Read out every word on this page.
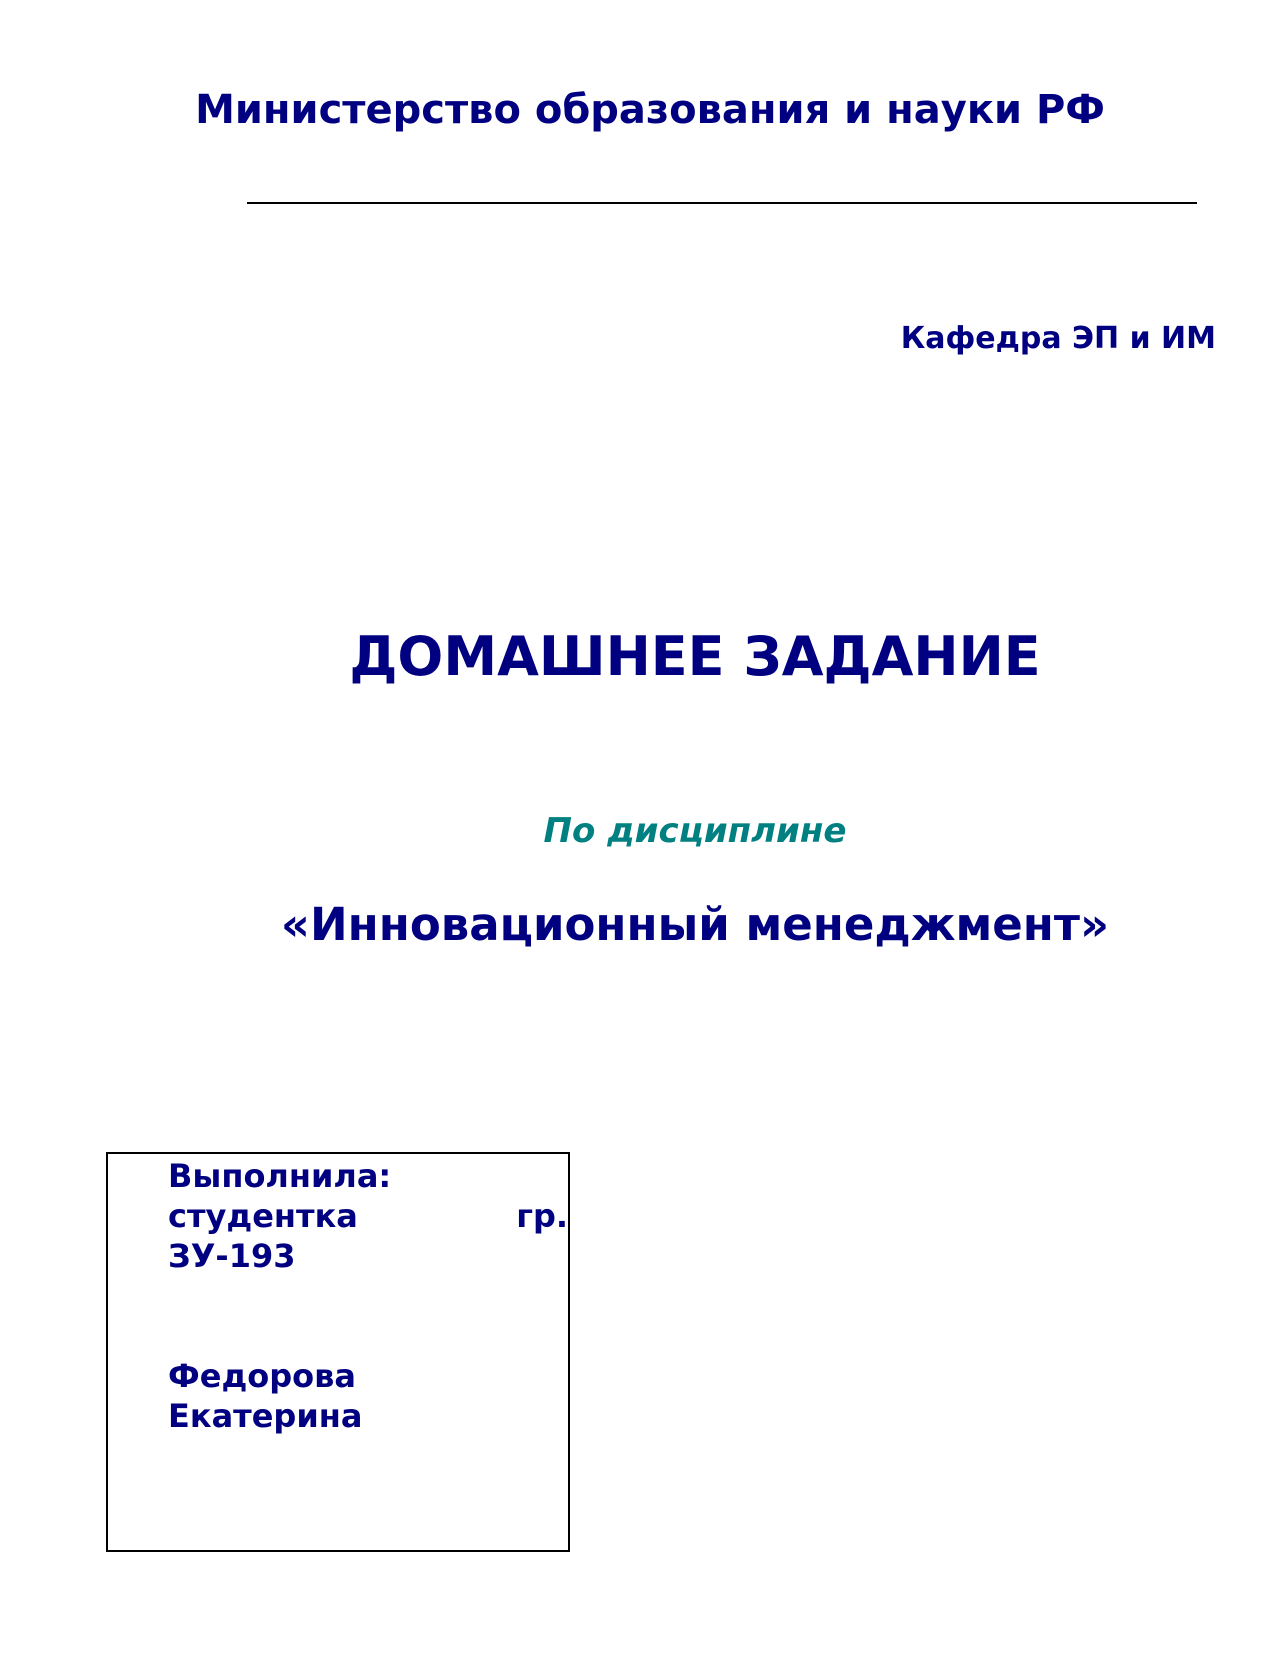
Министерство образования и науки РФ
Кафедра ЭП и ИМ
ДОМАШНЕЕ ЗАДАНИЕ
По дисциплине
«Инновационный менеджмент»
Выполнила:
студентка	гр.
ЗУ-193
Федорова
Екатерина
